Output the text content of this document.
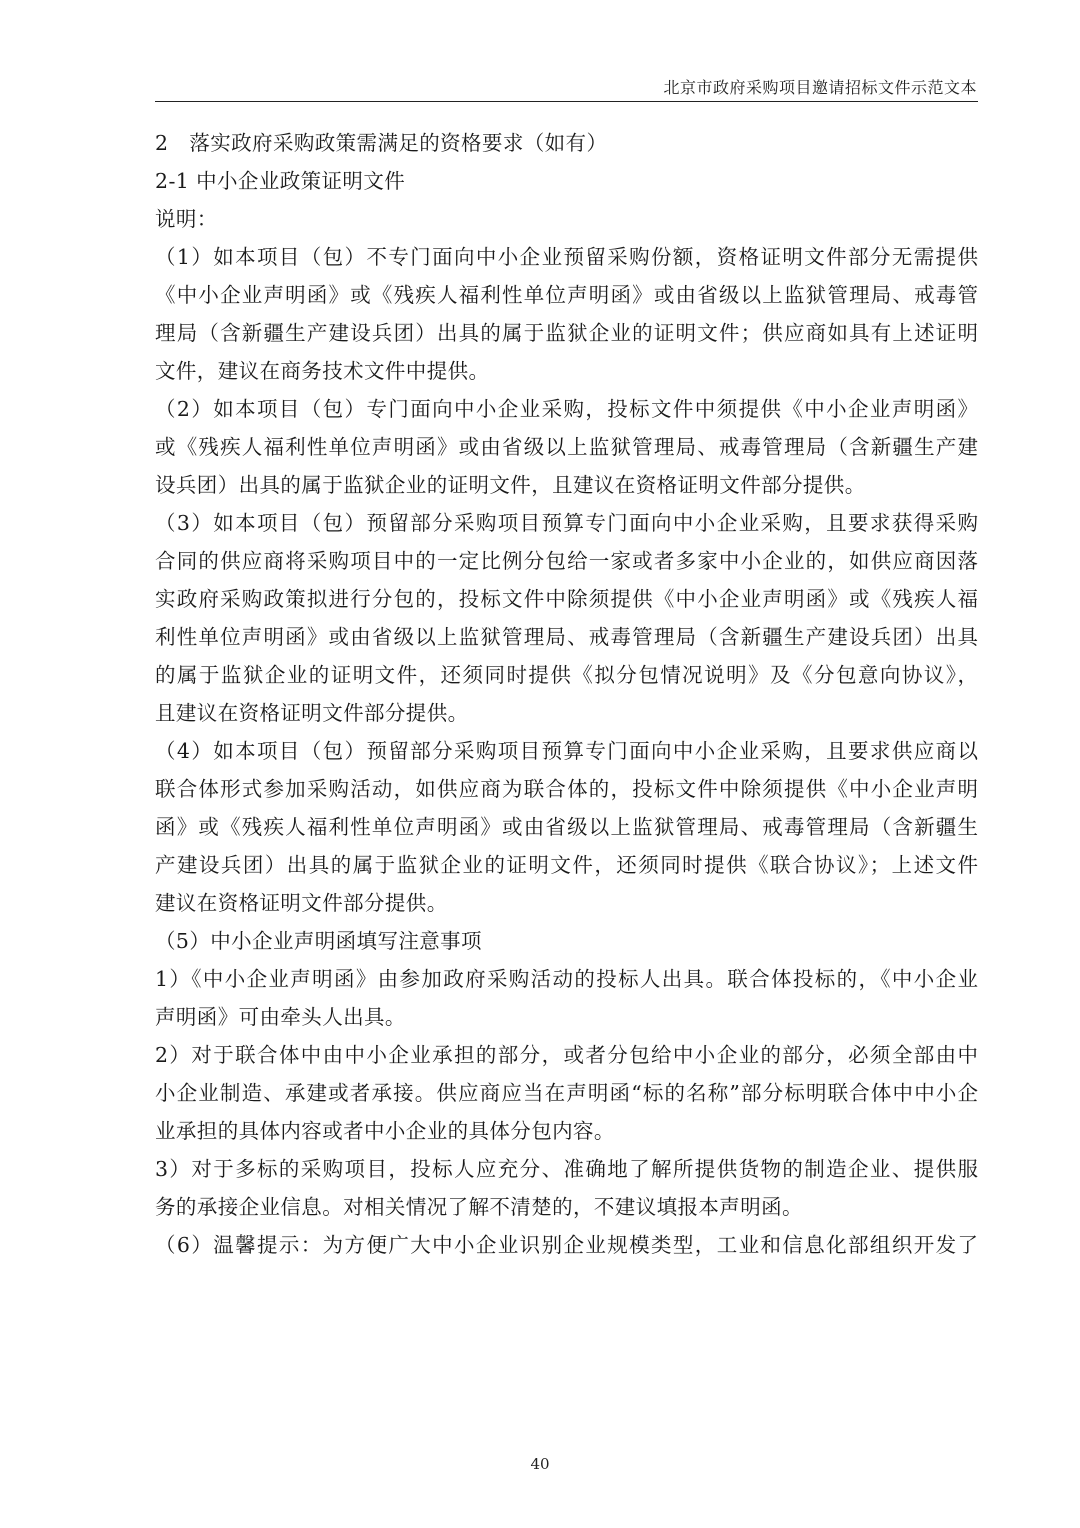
北京市政府采购项目邀请招标文件示范文本
2　落实政府采购政策需满足的资格要求（如有）
2-1 中小企业政策证明文件
说明：
（1）如本项目（包）不专门面向中小企业预留采购份额，资格证明文件部分无需提供
《中小企业声明函》或《残疾人福利性单位声明函》或由省级以上监狱管理局、戒毒管
理局（含新疆生产建设兵团）出具的属于监狱企业的证明文件；供应商如具有上述证明
文件，建议在商务技术文件中提供。
（2）如本项目（包）专门面向中小企业采购，投标文件中须提供《中小企业声明函》
或《残疾人福利性单位声明函》或由省级以上监狱管理局、戒毒管理局（含新疆生产建
设兵团）出具的属于监狱企业的证明文件，且建议在资格证明文件部分提供。
（3）如本项目（包）预留部分采购项目预算专门面向中小企业采购，且要求获得采购
合同的供应商将采购项目中的一定比例分包给一家或者多家中小企业的，如供应商因落
实政府采购政策拟进行分包的，投标文件中除须提供《中小企业声明函》或《残疾人福
利性单位声明函》或由省级以上监狱管理局、戒毒管理局（含新疆生产建设兵团）出具
的属于监狱企业的证明文件，还须同时提供《拟分包情况说明》及《分包意向协议》，
且建议在资格证明文件部分提供。
（4）如本项目（包）预留部分采购项目预算专门面向中小企业采购，且要求供应商以
联合体形式参加采购活动，如供应商为联合体的，投标文件中除须提供《中小企业声明
函》或《残疾人福利性单位声明函》或由省级以上监狱管理局、戒毒管理局（含新疆生
产建设兵团）出具的属于监狱企业的证明文件，还须同时提供《联合协议》；上述文件
建议在资格证明文件部分提供。
（5）中小企业声明函填写注意事项
1）《中小企业声明函》由参加政府采购活动的投标人出具。联合体投标的，《中小企业
声明函》可由牵头人出具。
2）对于联合体中由中小企业承担的部分，或者分包给中小企业的部分，必须全部由中
小企业制造、承建或者承接。供应商应当在声明函“标的名称”部分标明联合体中中小企
业承担的具体内容或者中小企业的具体分包内容。
3）对于多标的采购项目，投标人应充分、准确地了解所提供货物的制造企业、提供服
务的承接企业信息。对相关情况了解不清楚的，不建议填报本声明函。
（6）温馨提示：为方便广大中小企业识别企业规模类型，工业和信息化部组织开发了
40
